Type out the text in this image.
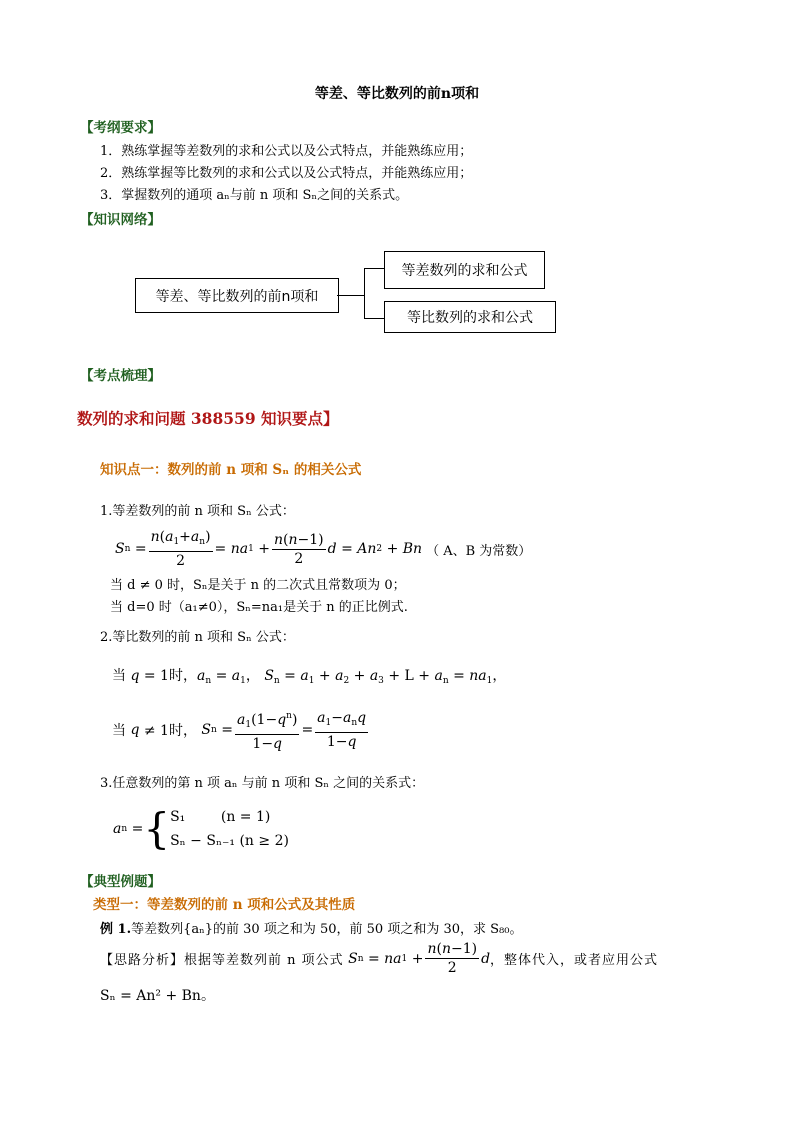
等差、等比数列的前n项和
【考纲要求】
1．熟练掌握等差数列的求和公式以及公式特点，并能熟练应用；
2．熟练掌握等比数列的求和公式以及公式特点，并能熟练应用；
3．掌握数列的通项 aₙ与前 n 项和 Sₙ之间的关系式。
【知识网络】
等差、等比数列的前n项和
等差数列的求和公式
等比数列的求和公式
【考点梳理】
数列的求和问题 388559 知识要点】
知识点一：数列的前 n 项和 Sₙ 的相关公式
1.等差数列的前 n 项和 Sₙ 公式：
S $n = \frac{n(a_1+a_n)}{2}$ = na $1 + \frac{n(n-1)}{2}$ d = An 2 + Bn （ A、B 为常数）
当 d ≠ 0 时，Sₙ是关于 n 的二次式且常数项为 0；
当 d=0 时（a₁≠0），Sₙ=na₁是关于 n 的正比例式.
2.等比数列的前 n 项和 Sₙ 公式：
当 q = 1时，$a_n = a_1$， $S_n = a_1 + a_2 + a_3 + L + a_n = na_1$，
当 q ≠ 1时， S $n = \frac{a_1(1-q^n)}{1-q} = \frac{a_1-a_nq}{1-q}$
3.任意数列的第 n 项 aₙ 与前 n 项和 Sₙ 之间的关系式：
a n = { S₁        (n = 1)
Sₙ − Sₙ₋₁ (n ≥ 2)
【典型例题】
类型一：等差数列的前 n 项和公式及其性质
例 1.等差数列{aₙ}的前 30 项之和为 50，前 50 项之和为 30，求 S₈₀。
【思路分析】 根据等差数列前 n 项公式
S n = na $1 + \frac{n(n-1)}{2}$ d ，整体代入，或者应用公式
Sₙ = An² + Bn。
